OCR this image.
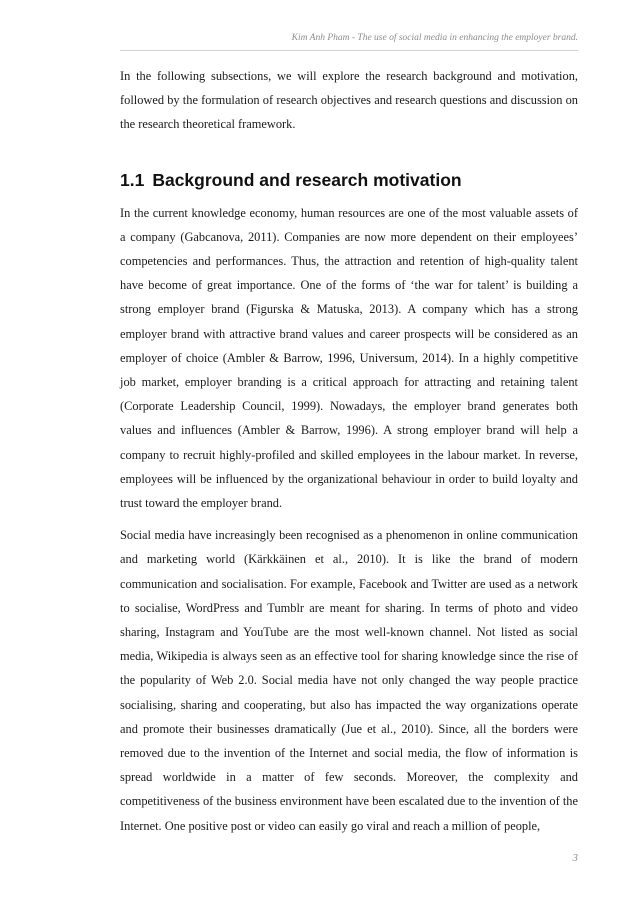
Kim Anh Pham - The use of social media in enhancing the employer brand.

In the following subsections, we will explore the research background and motivation, followed by the formulation of research objectives and research questions and discussion on the research theoretical framework.

1.1 Background and research motivation

In the current knowledge economy, human resources are one of the most valuable assets of a company (Gabcanova, 2011). Companies are now more dependent on their employees’ competencies and performances. Thus, the attraction and retention of high-quality talent have become of great importance. One of the forms of ‘the war for talent’ is building a strong employer brand (Figurska & Matuska, 2013). A company which has a strong employer brand with attractive brand values and career prospects will be considered as an employer of choice (Ambler & Barrow, 1996, Universum, 2014). In a highly competitive job market, employer branding is a critical approach for attracting and retaining talent (Corporate Leadership Council, 1999). Nowadays, the employer brand generates both values and influences (Ambler & Barrow, 1996). A strong employer brand will help a company to recruit highly-profiled and skilled employees in the labour market. In reverse, employees will be influenced by the organizational behaviour in order to build loyalty and trust toward the employer brand.

Social media have increasingly been recognised as a phenomenon in online communication and marketing world (Kärkkäinen et al., 2010). It is like the brand of modern communication and socialisation. For example, Facebook and Twitter are used as a network to socialise, WordPress and Tumblr are meant for sharing. In terms of photo and video sharing, Instagram and YouTube are the most well-known channel. Not listed as social media, Wikipedia is always seen as an effective tool for sharing knowledge since the rise of the popularity of Web 2.0. Social media have not only changed the way people practice socialising, sharing and cooperating, but also has impacted the way organizations operate and promote their businesses dramatically (Jue et al., 2010). Since, all the borders were removed due to the invention of the Internet and social media, the flow of information is spread worldwide in a matter of few seconds. Moreover, the complexity and competitiveness of the business environment have been escalated due to the invention of the Internet. One positive post or video can easily go viral and reach a million of people,

3
